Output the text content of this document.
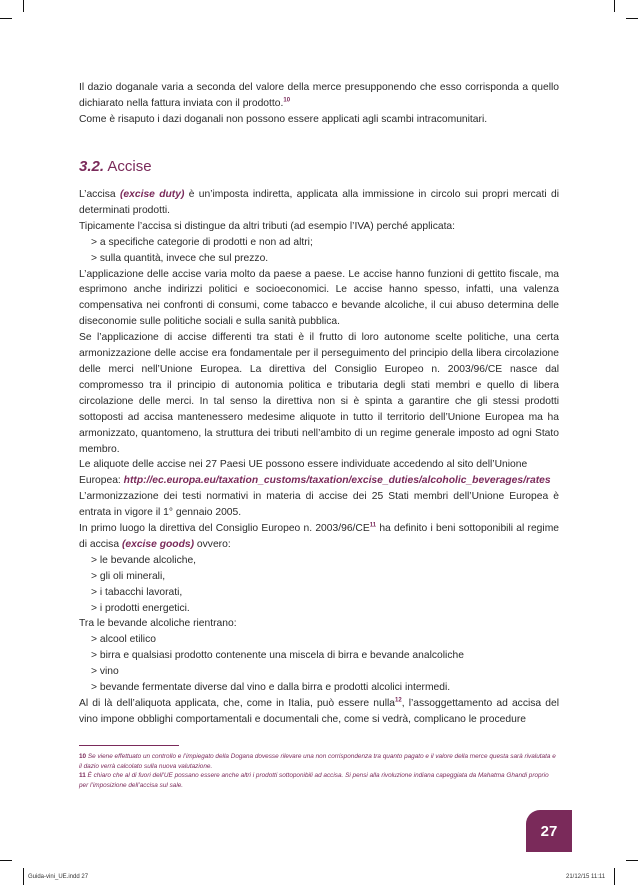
Il dazio doganale varia a seconda del valore della merce presupponendo che esso corrisponda a quello dichiarato nella fattura inviata con il prodotto.$^{10}$

Come è risaputo i dazi doganali non possono essere applicati agli scambi intracomunitari.

3.2. Accise

L’accisa (excise duty) è un’imposta indiretta, applicata alla immissione in circolo sui propri mercati di determinati prodotti.

Tipicamente l’accisa si distingue da altri tributi (ad esempio l’IVA) perché applicata:

> a specifiche categorie di prodotti e non ad altri;

> sulla quantità, invece che sul prezzo.

L’applicazione delle accise varia molto da paese a paese. Le accise hanno funzioni di gettito fiscale, ma esprimono anche indirizzi politici e socioeconomici. Le accise hanno spesso, infatti, una valenza compensativa nei confronti di consumi, come tabacco e bevande alcoliche, il cui abuso determina delle diseconomie sulle politiche sociali e sulla sanità pubblica.

Se l’applicazione di accise differenti tra stati è il frutto di loro autonome scelte politiche, una certa armonizzazione delle accise era fondamentale per il perseguimento del principio della libera circolazione delle merci nell’Unione Europea. La direttiva del Consiglio Europeo n. 2003/96/CE nasce dal compromesso tra il principio di autonomia politica e tributaria degli stati membri e quello di libera circolazione delle merci. In tal senso la direttiva non si è spinta a garantire che gli stessi prodotti sottoposti ad accisa mantenessero medesime aliquote in tutto il territorio dell’Unione Europea ma ha armonizzato, quantomeno, la struttura dei tributi nell’ambito di un regime generale imposto ad ogni Stato membro.

Le aliquote delle accise nei 27 Paesi UE possono essere individuate accedendo al sito dell’Unione Europea: http://ec.europa.eu/taxation_customs/taxation/excise_duties/alcoholic_beverages/rates

L’armonizzazione dei testi normativi in materia di accise dei 25 Stati membri dell’Unione Europea è entrata in vigore il 1° gennaio 2005.

In primo luogo la direttiva del Consiglio Europeo n. 2003/96/CE$^{11}$ ha definito i beni sottoponibili al regime di accisa (excise goods) ovvero:

> le bevande alcoliche,

> gli oli minerali,

> i tabacchi lavorati,

> i prodotti energetici.

Tra le bevande alcoliche rientrano:

> alcool etilico

> birra e qualsiasi prodotto contenente una miscela di birra e bevande analcoliche

> vino

> bevande fermentate diverse dal vino e dalla birra e prodotti alcolici intermedi.

Al di là dell’aliquota applicata, che, come in Italia, può essere nulla$^{12}$, l’assoggettamento ad accisa del vino impone obblighi comportamentali e documentali che, come si vedrà, complicano le procedure

10 Se viene effettuato un controllo e l’impiegato della Dogana dovesse rilevare una non corrispondenza tra quanto pagato e il valore della merce questa sarà rivalutata e il dazio verrà calcolato sulla nuova valutazione.

11 È chiaro che al di fuori dell’UE possano essere anche altri i prodotti sottoponibili ad accisa. Si pensi alla rivoluzione indiana capeggiata da Mahatma Ghandi proprio per l’imposizione dell’accisa sul sale.

27
Guida-vini_UE.indd 27	21/12/15 11:11
